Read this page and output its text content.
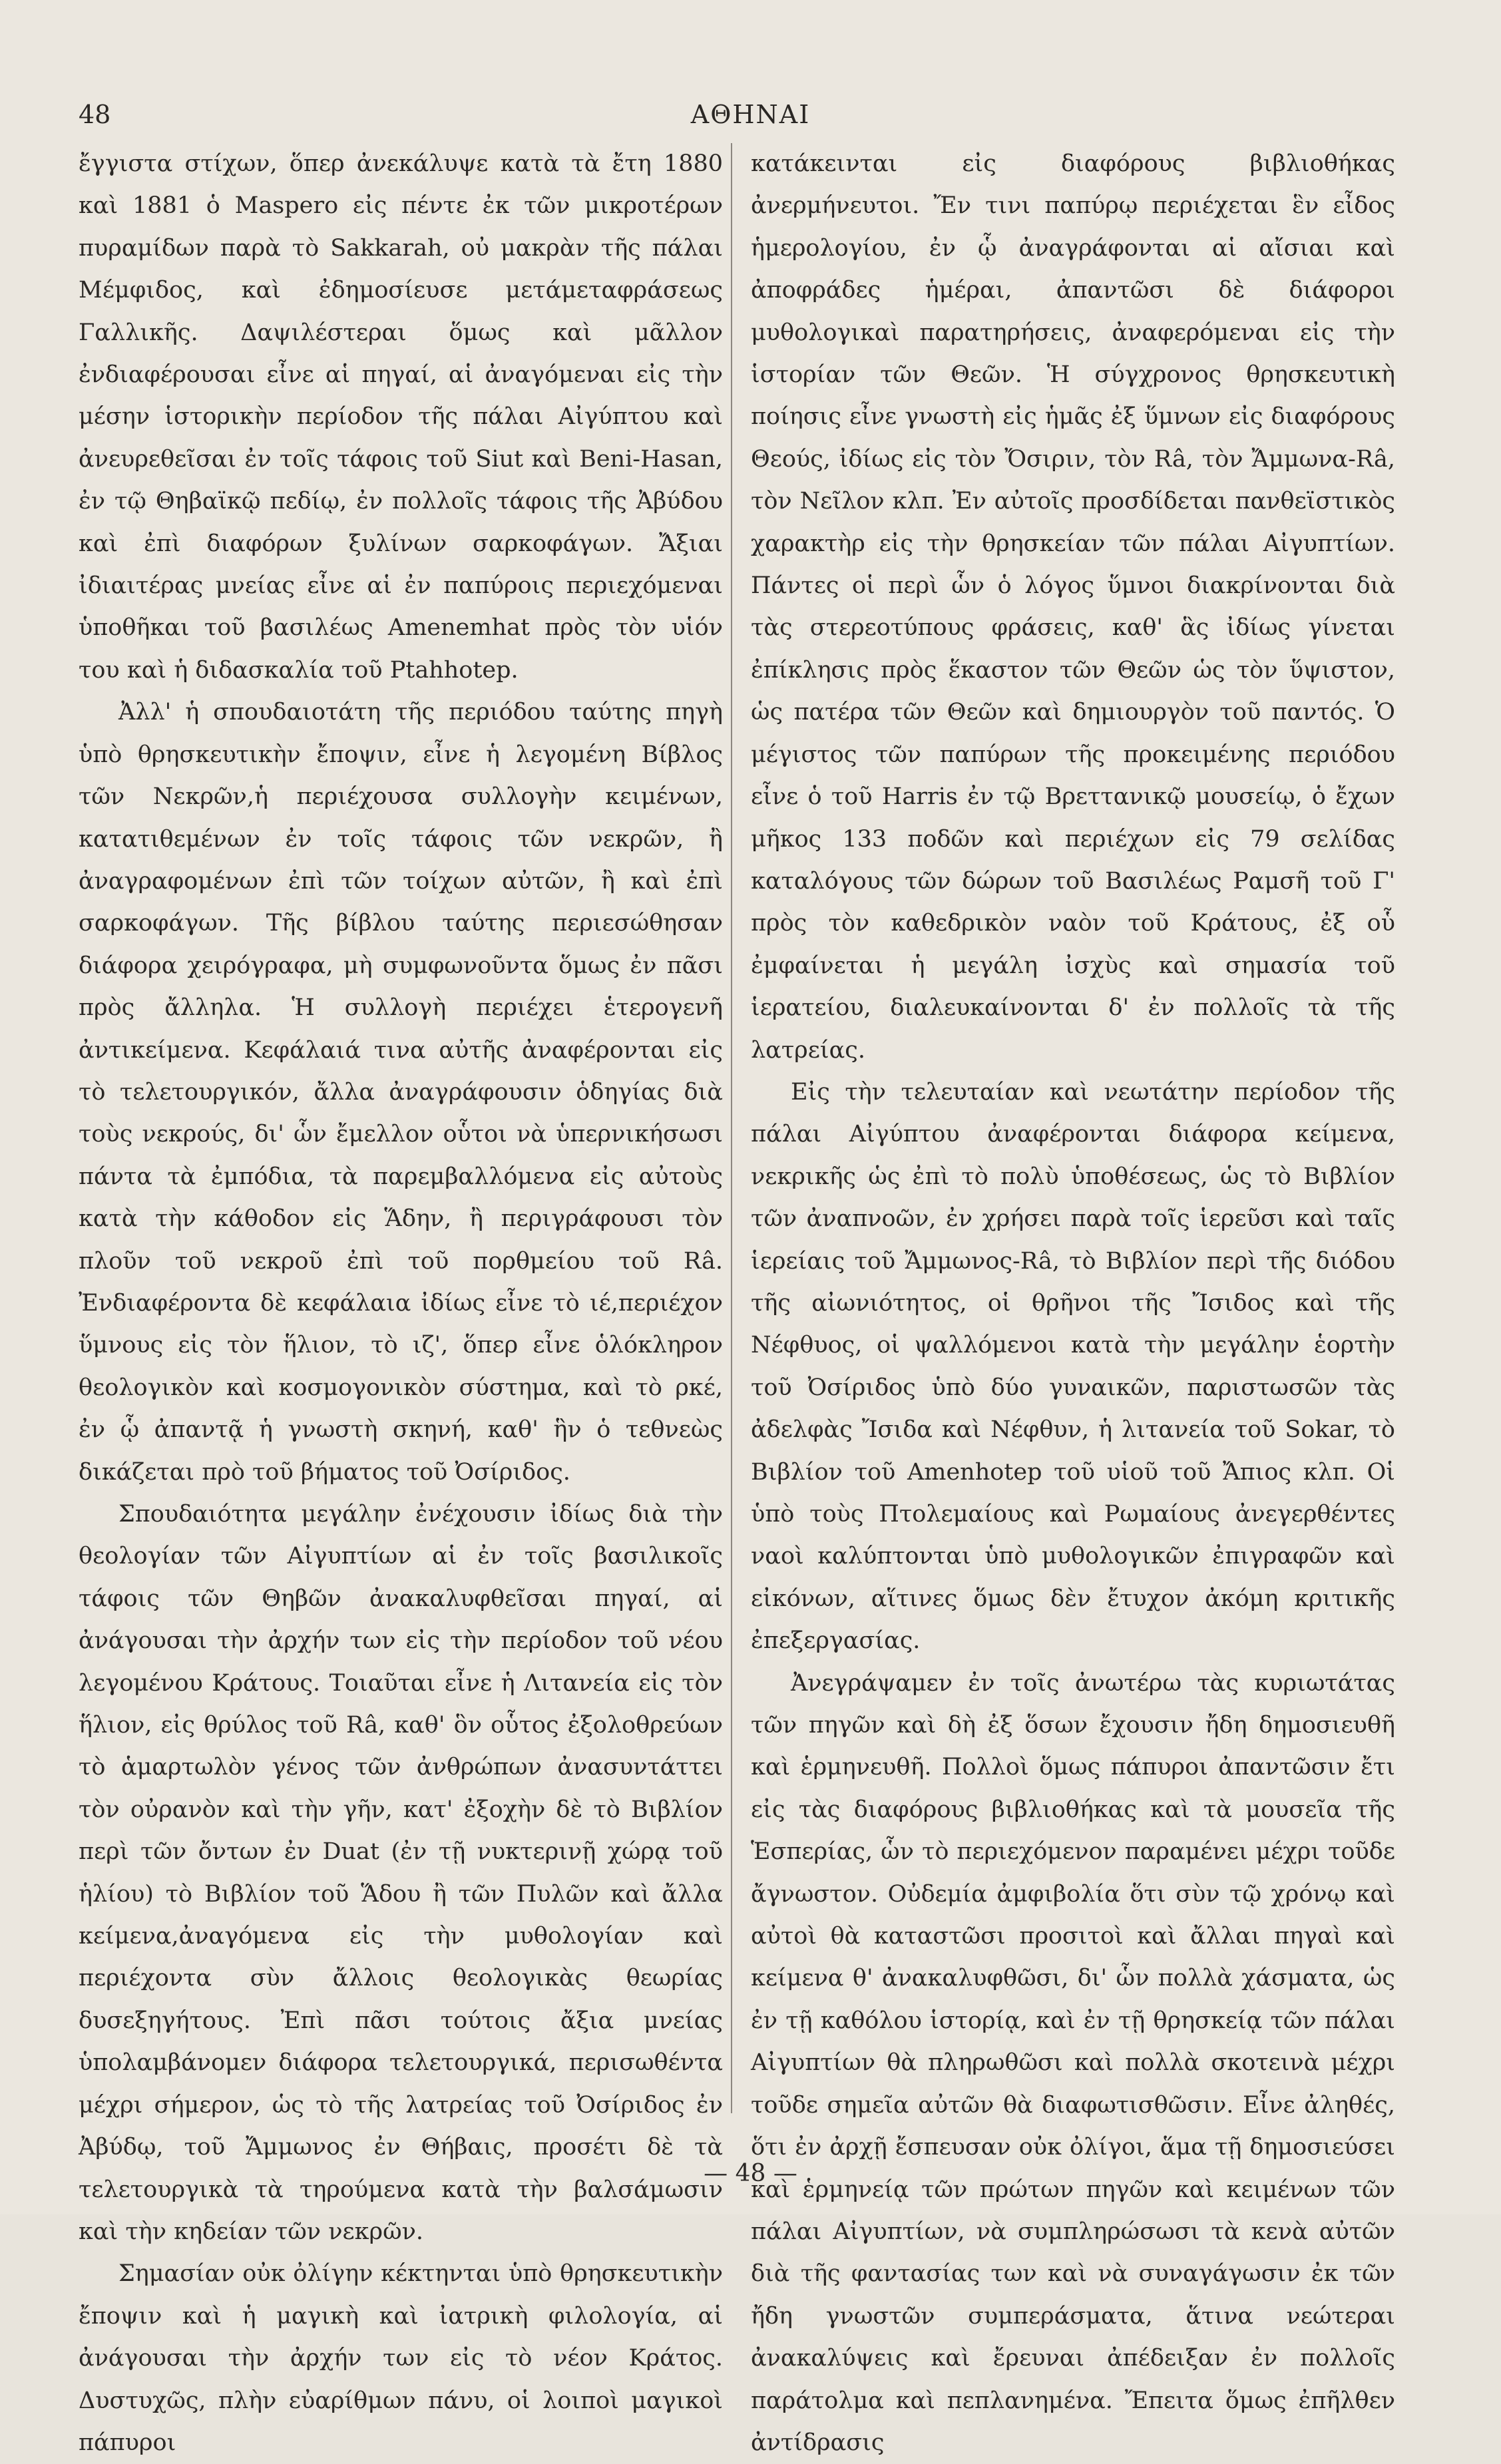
48	ΑΘΗΝΑΙ

ἔγγιστα στίχων, ὅπερ ἀνεκάλυψε κατὰ τὰ ἔτη 1880 καὶ 1881 ὁ Maspero εἰς πέντε ἐκ τῶν μικροτέρων πυραμίδων παρὰ τὸ Sakkarah, οὐ μακρὰν τῆς πάλαι Μέμφιδος, καὶ ἐδημοσίευσε μετάμεταφράσεως Γαλλικῆς. Δαψιλέστεραι ὅμως καὶ μᾶλλον ἐνδιαφέρουσαι εἶνε αἱ πηγαί, αἱ ἀναγόμεναι εἰς τὴν μέσην ἱστορικὴν περίοδον τῆς πάλαι Αἰγύπτου καὶ ἀνευρεθεῖσαι ἐν τοῖς τάφοις τοῦ Siut καὶ Beni-Hasan, ἐν τῷ Θηβαϊκῷ πεδίῳ, ἐν πολλοῖς τάφοις τῆς Ἀβύδου καὶ ἐπὶ διαφόρων ξυλίνων σαρκοφάγων. Ἄξιαι ἰδιαιτέρας μνείας εἶνε αἱ ἐν παπύροις περιεχόμεναι ὑποθῆκαι τοῦ βασιλέως Amenemhat πρὸς τὸν υἱόν του καὶ ἡ διδασκαλία τοῦ Ptahhotep.

Ἀλλ' ἡ σπουδαιοτάτη τῆς περιόδου ταύτης πηγὴ ὑπὸ θρησκευτικὴν ἔποψιν, εἶνε ἡ λεγομένη Βίβλος τῶν Νεκρῶν,ἡ περιέχουσα συλλογὴν κειμένων, κατατιθεμένων ἐν τοῖς τάφοις τῶν νεκρῶν, ἢ ἀναγραφομένων ἐπὶ τῶν τοίχων αὐτῶν, ἢ καὶ ἐπὶ σαρκοφάγων. Τῆς βίβλου ταύτης περιεσώθησαν διάφορα χειρόγραφα, μὴ συμφωνοῦντα ὅμως ἐν πᾶσι πρὸς ἄλληλα. Ἡ συλλογὴ περιέχει ἑτερογενῆ ἀντικείμενα. Κεφάλαιά τινα αὐτῆς ἀναφέρονται εἰς τὸ τελετουργικόν, ἄλλα ἀναγράφουσιν ὁδηγίας διὰ τοὺς νεκρούς, δι' ὧν ἔμελλον οὗτοι νὰ ὑπερνικήσωσι πάντα τὰ ἐμπόδια, τὰ παρεμβαλλόμενα εἰς αὐτοὺς κατὰ τὴν κάθοδον εἰς Ἅδην, ἢ περιγράφουσι τὸν πλοῦν τοῦ νεκροῦ ἐπὶ τοῦ πορθμείου τοῦ Râ. Ἐνδιαφέροντα δὲ κεφάλαια ἰδίως εἶνε τὸ ιέ,περιέχον ὕμνους εἰς τὸν ἥλιον, τὸ ιζ', ὅπερ εἶνε ὁλόκληρον θεολογικὸν καὶ κοσμογονικὸν σύστημα, καὶ τὸ ρκέ, ἐν ᾧ ἀπαντᾷ ἡ γνωστὴ σκηνή, καθ' ἣν ὁ τεθνεὼς δικάζεται πρὸ τοῦ βήματος τοῦ Ὀσίριδος.

Σπουδαιότητα μεγάλην ἐνέχουσιν ἰδίως διὰ τὴν θεολογίαν τῶν Αἰγυπτίων αἱ ἐν τοῖς βασιλικοῖς τάφοις τῶν Θηβῶν ἀνακαλυφθεῖσαι πηγαί, αἱ ἀνάγουσαι τὴν ἀρχήν των εἰς τὴν περίοδον τοῦ νέου λεγομένου Κράτους. Τοιαῦται εἶνε ἡ Λιτανεία εἰς τὸν ἥλιον, εἰς θρύλος τοῦ Râ, καθ' ὃν οὗτος ἐξολοθρεύων τὸ ἁμαρτωλὸν γένος τῶν ἀνθρώπων ἀνασυντάττει τὸν οὐρανὸν καὶ τὴν γῆν, κατ' ἐξοχὴν δὲ τὸ Βιβλίον περὶ τῶν ὄντων ἐν Duat (ἐν τῇ νυκτερινῇ χώρᾳ τοῦ ἡλίου) τὸ Βιβλίον τοῦ Ἅδου ἢ τῶν Πυλῶν καὶ ἄλλα κείμενα,ἀναγόμενα εἰς τὴν μυθολογίαν καὶ περιέχοντα σὺν ἄλλοις θεολογικὰς θεωρίας δυσεξηγήτους. Ἐπὶ πᾶσι τούτοις ἄξια μνείας ὑπολαμβάνομεν διάφορα τελετουργικά, περισωθέντα μέχρι σήμερον, ὡς τὸ τῆς λατρείας τοῦ Ὀσίριδος ἐν Ἀβύδῳ, τοῦ Ἄμμωνος ἐν Θήβαις, προσέτι δὲ τὰ τελετουργικὰ τὰ τηρούμενα κατὰ τὴν βαλσάμωσιν καὶ τὴν κηδείαν τῶν νεκρῶν.

Σημασίαν οὐκ ὀλίγην κέκτηνται ὑπὸ θρησκευτικὴν ἔποψιν καὶ ἡ μαγικὴ καὶ ἰατρικὴ φιλολογία, αἱ ἀνάγουσαι τὴν ἀρχήν των εἰς τὸ νέον Κράτος. Δυστυχῶς, πλὴν εὐαρίθμων πάνυ, οἱ λοιποὶ μαγικοὶ πάπυροι

κατάκεινται εἰς διαφόρους βιβλιοθήκας ἀνερμήνευτοι. Ἔν τινι παπύρῳ περιέχεται ἓν εἶδος ἡμερολογίου, ἐν ᾧ ἀναγράφονται αἱ αἴσιαι καὶ ἀποφράδες ἡμέραι, ἀπαντῶσι δὲ διάφοροι μυθολογικαὶ παρατηρήσεις, ἀναφερόμεναι εἰς τὴν ἱστορίαν τῶν Θεῶν. Ἡ σύγχρονος θρησκευτικὴ ποίησις εἶνε γνωστὴ εἰς ἡμᾶς ἐξ ὕμνων εἰς διαφόρους Θεούς, ἰδίως εἰς τὸν Ὄσιριν, τὸν Râ, τὸν Ἄμμωνα-Râ, τὸν Νεῖλον κλπ. Ἐν αὐτοῖς προσδίδεται πανθεϊστικὸς χαρακτὴρ εἰς τὴν θρησκείαν τῶν πάλαι Αἰγυπτίων. Πάντες οἱ περὶ ὧν ὁ λόγος ὕμνοι διακρίνονται διὰ τὰς στερεοτύπους φράσεις, καθ' ἃς ἰδίως γίνεται ἐπίκλησις πρὸς ἕκαστον τῶν Θεῶν ὡς τὸν ὕψιστον, ὡς πατέρα τῶν Θεῶν καὶ δημιουργὸν τοῦ παντός. Ὁ μέγιστος τῶν παπύρων τῆς προκειμένης περιόδου εἶνε ὁ τοῦ Harris ἐν τῷ Βρεττανικῷ μουσείῳ, ὁ ἔχων μῆκος 133 ποδῶν καὶ περιέχων εἰς 79 σελίδας καταλόγους τῶν δώρων τοῦ Βασιλέως Ραμσῆ τοῦ Γ' πρὸς τὸν καθεδρικὸν ναὸν τοῦ Κράτους, ἐξ οὗ ἐμφαίνεται ἡ μεγάλη ἰσχὺς καὶ σημασία τοῦ ἱερατείου, διαλευκαίνονται δ' ἐν πολλοῖς τὰ τῆς λατρείας.

Εἰς τὴν τελευταίαν καὶ νεωτάτην περίοδον τῆς πάλαι Αἰγύπτου ἀναφέρονται διάφορα κείμενα, νεκρικῆς ὡς ἐπὶ τὸ πολὺ ὑποθέσεως, ὡς τὸ Βιβλίον τῶν ἀναπνοῶν, ἐν χρήσει παρὰ τοῖς ἱερεῦσι καὶ ταῖς ἱερείαις τοῦ Ἄμμωνος-Râ, τὸ Βιβλίον περὶ τῆς διόδου τῆς αἰωνιότητος, οἱ θρῆνοι τῆς Ἴσιδος καὶ τῆς Νέφθυος, οἱ ψαλλόμενοι κατὰ τὴν μεγάλην ἑορτὴν τοῦ Ὀσίριδος ὑπὸ δύο γυναικῶν, παριστωσῶν τὰς ἀδελφὰς Ἴσιδα καὶ Νέφθυν, ἡ λιτανεία τοῦ Sokar, τὸ Βιβλίον τοῦ Amenhotep τοῦ υἱοῦ τοῦ Ἄπιος κλπ. Οἱ ὑπὸ τοὺς Πτολεμαίους καὶ Ρωμαίους ἀνεγερθέντες ναοὶ καλύπτονται ὑπὸ μυθολογικῶν ἐπιγραφῶν καὶ εἰκόνων, αἵτινες ὅμως δὲν ἔτυχον ἀκόμη κριτικῆς ἐπεξεργασίας.

Ἀνεγράψαμεν ἐν τοῖς ἀνωτέρω τὰς κυριωτάτας τῶν πηγῶν καὶ δὴ ἐξ ὅσων ἔχουσιν ἤδη δημοσιευθῆ καὶ ἑρμηνευθῆ. Πολλοὶ ὅμως πάπυροι ἀπαντῶσιν ἔτι εἰς τὰς διαφόρους βιβλιοθήκας καὶ τὰ μουσεῖα τῆς Ἑσπερίας, ὧν τὸ περιεχόμενον παραμένει μέχρι τοῦδε ἄγνωστον. Οὐδεμία ἀμφιβολία ὅτι σὺν τῷ χρόνῳ καὶ αὐτοὶ θὰ καταστῶσι προσιτοὶ καὶ ἄλλαι πηγαὶ καὶ κείμενα θ' ἀνακαλυφθῶσι, δι' ὧν πολλὰ χάσματα, ὡς ἐν τῇ καθόλου ἱστορίᾳ, καὶ ἐν τῇ θρησκείᾳ τῶν πάλαι Αἰγυπτίων θὰ πληρωθῶσι καὶ πολλὰ σκοτεινὰ μέχρι τοῦδε σημεῖα αὐτῶν θὰ διαφωτισθῶσιν. Εἶνε ἀληθές, ὅτι ἐν ἀρχῇ ἔσπευσαν οὐκ ὀλίγοι, ἅμα τῇ δημοσιεύσει καὶ ἑρμηνείᾳ τῶν πρώτων πηγῶν καὶ κειμένων τῶν πάλαι Αἰγυπτίων, νὰ συμπληρώσωσι τὰ κενὰ αὐτῶν διὰ τῆς φαντασίας των καὶ νὰ συναγάγωσιν ἐκ τῶν ἤδη γνωστῶν συμπεράσματα, ἅτινα νεώτεραι ἀνακαλύψεις καὶ ἔρευναι ἀπέδειξαν ἐν πολλοῖς παράτολμα καὶ πεπλανημένα. Ἔπειτα ὅμως ἐπῆλθεν ἀντίδρασις

— 48 —
